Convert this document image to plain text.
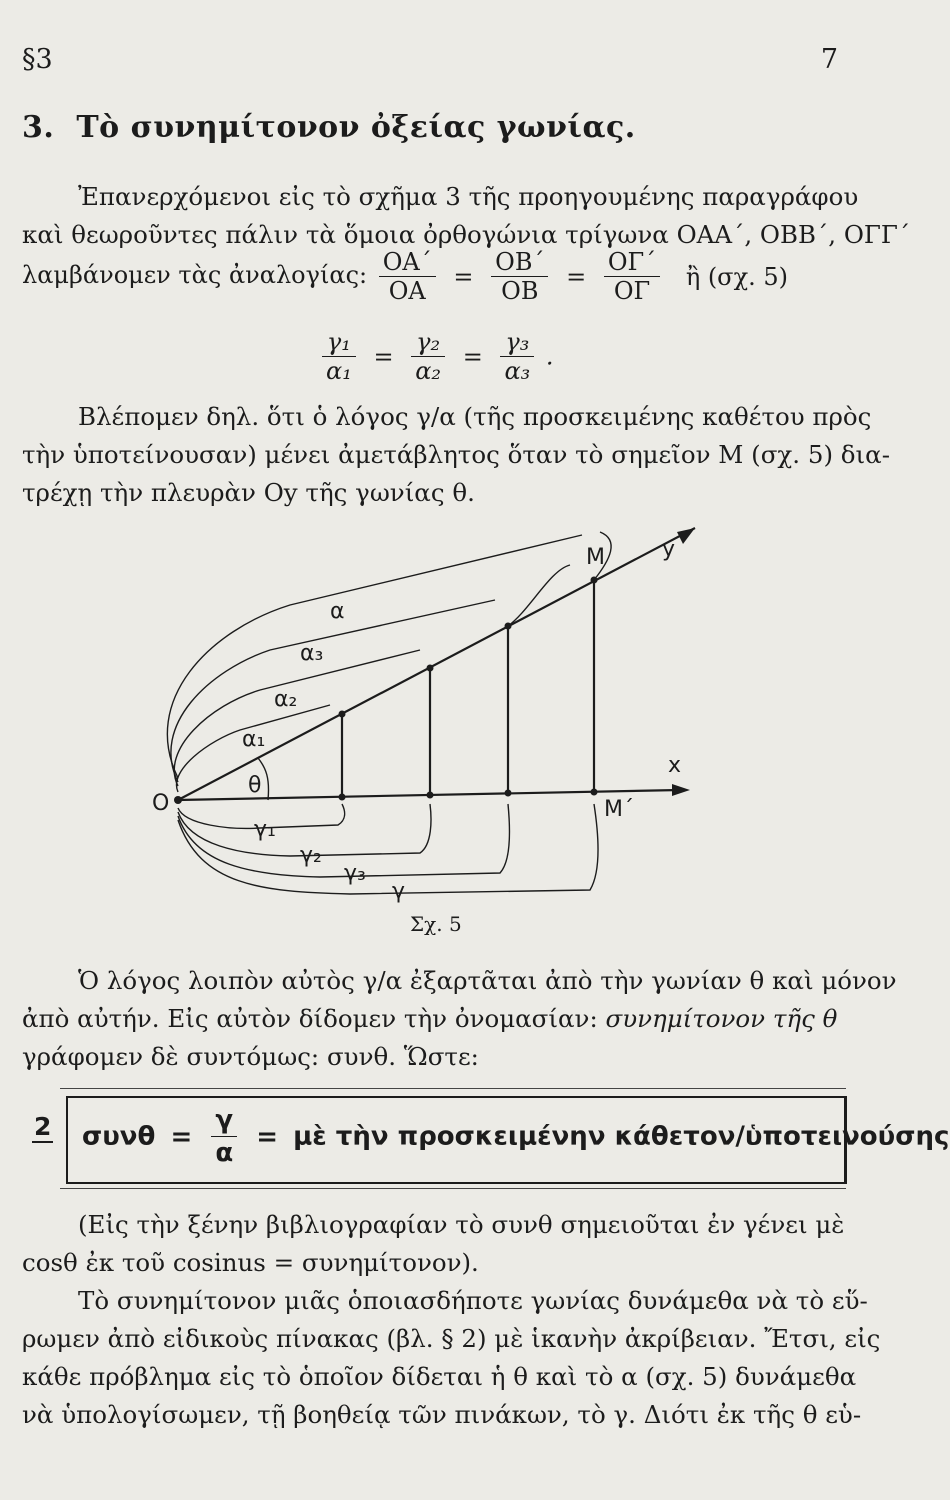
§3	7
3. Τὸ συνημίτονον ὀξείας γωνίας.
Ἐπανερχόμενοι εἰς τὸ σχῆμα 3 τῆς προηγουμένης παραγράφου
καὶ θεωροῦντες πάλιν τὰ ὅμοια ὀρθογώνια τρίγωνα ΟΑΑ΄, ΟΒΒ΄, ΟΓΓ΄
λαμβάνομεν τὰς ἀναλογίας: $\frac{OA΄}{OA} = \frac{OB΄}{OB} = \frac{O\Gamma΄}{O\Gamma}$ ἢ (σχ. 5)
$\frac{\text{γ₁}}{\text{α₁}} = \frac{\text{γ₂}}{\text{α₂}} = \frac{\text{γ₃}}{\text{α₃}}$ .
Βλέπομεν δηλ. ὅτι ὁ λόγος γ/α (τῆς προσκειμένης καθέτου πρὸς
τὴν ὑποτείνουσαν) μένει ἀμετάβλητος ὅταν τὸ σημεῖον Μ (σχ. 5) δια-
τρέχῃ τὴν πλευρὰν Oy τῆς γωνίας θ.
M	y
x
M΄
O
θ
α
α₃
α₂
α₁
γ₁
γ₂
γ₃
γ
Σχ. 5
Ὁ λόγος λοιπὸν αὐτὸς γ/α ἐξαρτᾶται ἀπὸ τὴν γωνίαν θ καὶ μόνον
ἀπὸ αὐτήν. Εἰς αὐτὸν δίδομεν τὴν ὀνομασίαν: συνημίτονον τῆς θ
γράφομεν δὲ συντόμως: συνθ. Ὥστε:
2 $\sigma\upsilon\nu\theta = \frac{\gamma}{\alpha}$ = μὲ τὴν προσκειμένην κάθετον/ὑποτεινούσης
(Εἰς τὴν ξένην βιβλιογραφίαν τὸ συνθ σημειοῦται ἐν γένει μὲ
cosθ ἐκ τοῦ cosinus = συνημίτονον).
Τὸ συνημίτονον μιᾶς ὁποιασδήποτε γωνίας δυνάμεθα νὰ τὸ εὕ-
ρωμεν ἀπὸ εἰδικοὺς πίνακας (βλ. § 2) μὲ ἱκανὴν ἀκρίβειαν. Ἔτσι, εἰς
κάθε πρόβλημα εἰς τὸ ὁποῖον δίδεται ἡ θ καὶ τὸ α (σχ. 5) δυνάμεθα
νὰ ὑπολογίσωμεν, τῇ βοηθείᾳ τῶν πινάκων, τὸ γ. Διότι ἐκ τῆς θ εὑ-
